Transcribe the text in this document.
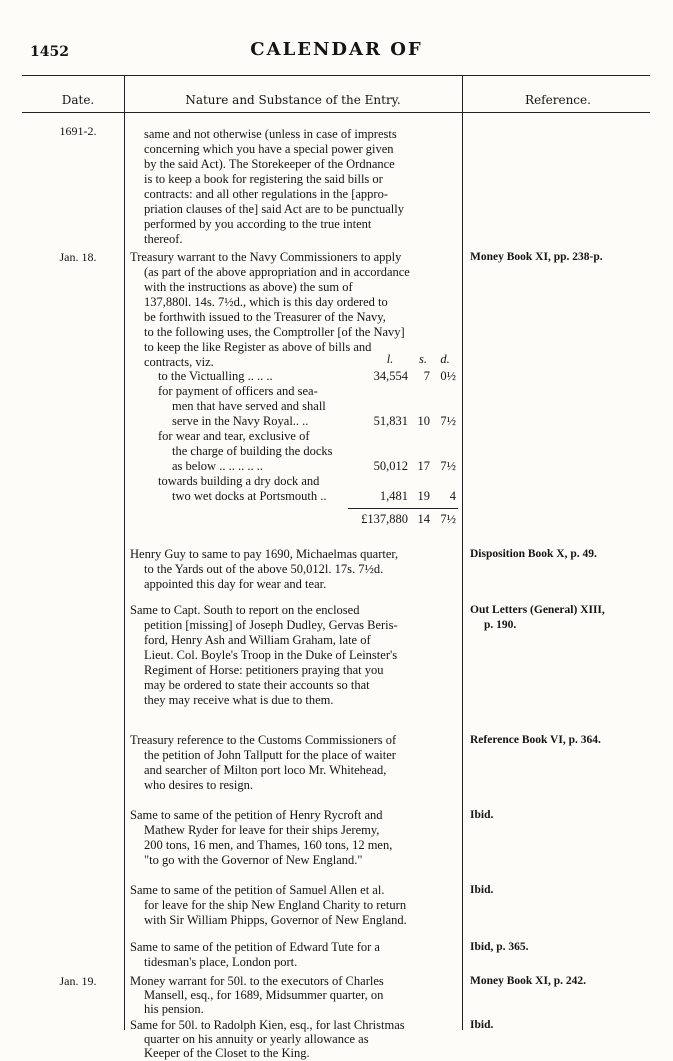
1452	CALENDAR OF
Date.	Nature and Substance of the Entry.	Reference.
1691-2.	same and not otherwise (unless in case of imprests
concerning which you have a special power given
by the said Act). The Storekeeper of the Ordnance
is to keep a book for registering the said bills or
contracts: and all other regulations in the [appro-
priation clauses of the] said Act are to be punctually
performed by you according to the true intent
thereof.
Jan. 18.	Treasury warrant to the Navy Commissioners to apply
(as part of the above appropriation and in accordance
with the instructions as above) the sum of
137,880l. 14s. 7½d., which is this day ordered to
be forthwith issued to the Treasurer of the Navy,
to the following uses, the Comptroller [of the Navy]
to keep the like Register as above of bills and
contracts, viz.
Money Book XI, pp. 238-p.
l.	s.	d.
to the Victualling .. .. ..	34,554	7 0½
for payment of officers and sea-
men that have served and shall
serve in the Navy Royal.. ..	51,831 10 7½
for wear and tear, exclusive of
the charge of building the docks
as below .. .. .. .. ..	50,012 17 7½
towards building a dry dock and
two wet docks at Portsmouth ..	1,481 19	4
£137,880 14 7½
Henry Guy to same to pay 1690, Michaelmas quarter,
to the Yards out of the above 50,012l. 17s. 7½d.
appointed this day for wear and tear.
Disposition Book X, p. 49.
Same to Capt. South to report on the enclosed
petition [missing] of Joseph Dudley, Gervas Beris-
ford, Henry Ash and William Graham, late of
Lieut. Col. Boyle's Troop in the Duke of Leinster's
Regiment of Horse: petitioners praying that you
may be ordered to state their accounts so that
they may receive what is due to them.
Out Letters (General) XIII,
p. 190.
Treasury reference to the Customs Commissioners of
the petition of John Tallputt for the place of waiter
and searcher of Milton port loco Mr. Whitehead,
who desires to resign.
Reference Book VI, p. 364.
Same to same of the petition of Henry Rycroft and
Mathew Ryder for leave for their ships Jeremy,
200 tons, 16 men, and Thames, 160 tons, 12 men,
"to go with the Governor of New England."
Ibid.
Same to same of the petition of Samuel Allen et al.
for leave for the ship New England Charity to return
with Sir William Phipps, Governor of New England.
Ibid.
Same to same of the petition of Edward Tute for a
tidesman's place, London port.
Ibid, p. 365.
Jan. 19.	Money warrant for 50l. to the executors of Charles
Mansell, esq., for 1689, Midsummer quarter, on
his pension.
Money Book XI, p. 242.
Same for 50l. to Radolph Kien, esq., for last Christmas
quarter on his annuity or yearly allowance as
Keeper of the Closet to the King.
Ibid.
